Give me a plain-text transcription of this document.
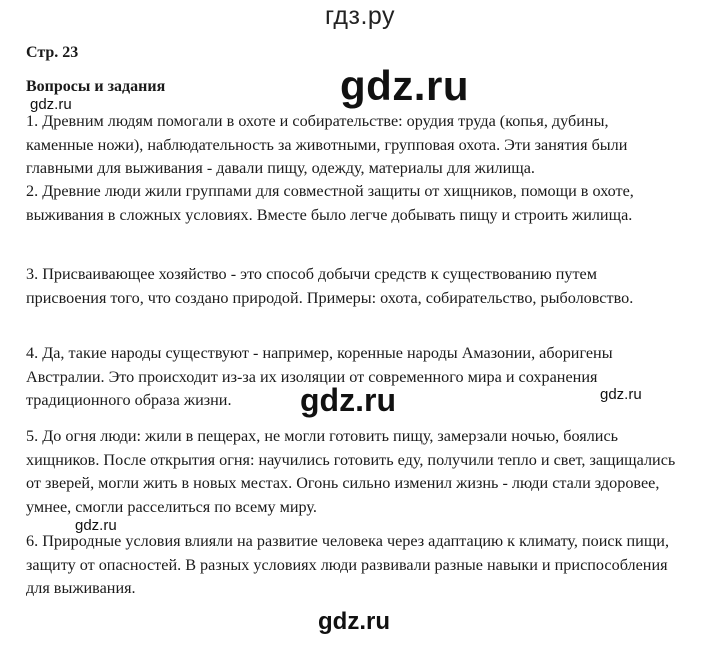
гдз.ру
Стр. 23
Вопросы и задания

1. Древним людям помогали в охоте и собирательстве: орудия труда (копья, дубины, каменные ножи), наблюдательность за животными, групповая охота. Эти занятия были главными для выживания - давали пищу, одежду, материалы для жилища.

2. Древние люди жили группами для совместной защиты от хищников, помощи в охоте, выживания в сложных условиях. Вместе было легче добывать пищу и строить жилища.

3. Присваивающее хозяйство - это способ добычи средств к существованию путем присвоения того, что создано природой. Примеры: охота, собирательство, рыболовство.

4. Да, такие народы существуют - например, коренные народы Амазонии, аборигены Австралии. Это происходит из-за их изоляции от современного мира и сохранения традиционного образа жизни.

5. До огня люди: жили в пещерах, не могли готовить пищу, замерзали ночью, боялись хищников. После открытия огня: научились готовить еду, получили тепло и свет, защищались от зверей, могли жить в новых местах. Огонь сильно изменил жизнь - люди стали здоровее, умнее, смогли расселиться по всему миру.

6. Природные условия влияли на развитие человека через адаптацию к климату, поиск пищи, защиту от опасностей. В разных условиях люди развивали разные навыки и приспособления для выживания.

gdz.ru
gdz.ru
gdz.ru	gdz.ru
gdz.ru
gdz.ru
